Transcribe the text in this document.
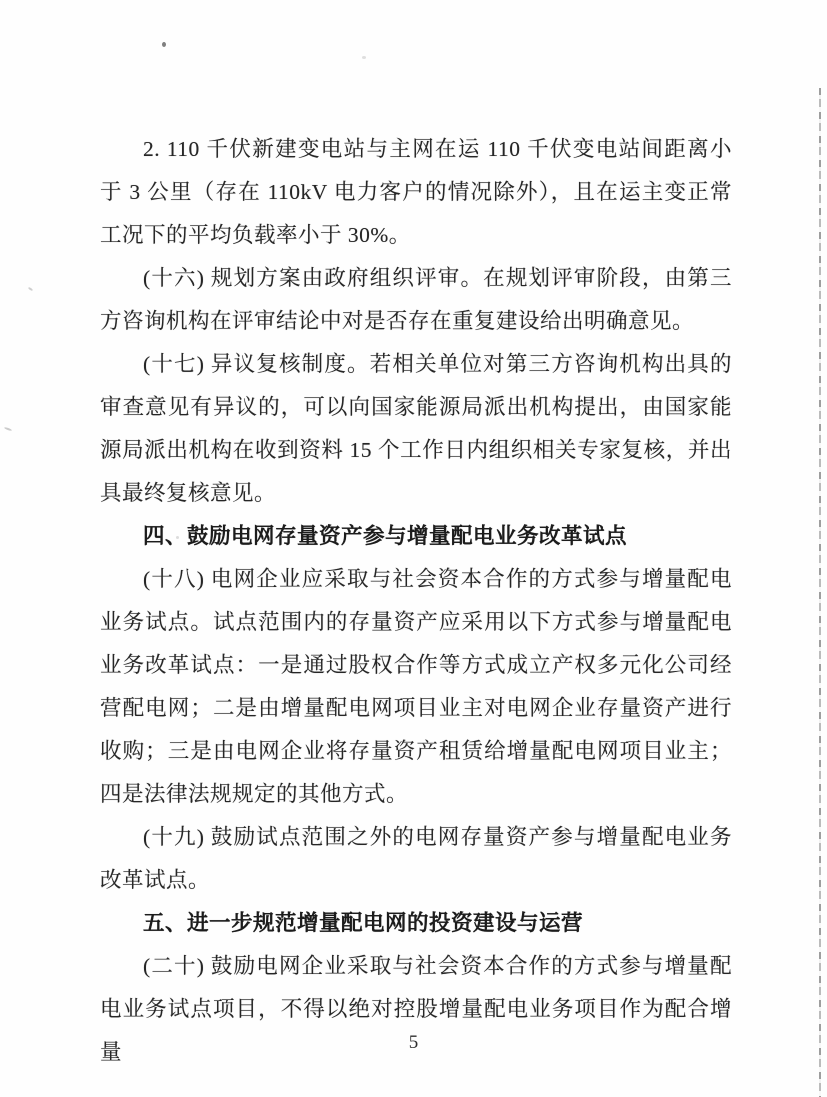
2. 110 千伏新建变电站与主网在运 110 千伏变电站间距离小于 3 公里（存在 110kV 电力客户的情况除外），且在运主变正常工况下的平均负载率小于 30%。

(十六) 规划方案由政府组织评审。在规划评审阶段，由第三方咨询机构在评审结论中对是否存在重复建设给出明确意见。

(十七) 异议复核制度。若相关单位对第三方咨询机构出具的审查意见有异议的，可以向国家能源局派出机构提出，由国家能源局派出机构在收到资料 15 个工作日内组织相关专家复核，并出具最终复核意见。

四、鼓励电网存量资产参与增量配电业务改革试点

(十八) 电网企业应采取与社会资本合作的方式参与增量配电业务试点。试点范围内的存量资产应采用以下方式参与增量配电业务改革试点：一是通过股权合作等方式成立产权多元化公司经营配电网；二是由增量配电网项目业主对电网企业存量资产进行收购；三是由电网企业将存量资产租赁给增量配电网项目业主；四是法律法规规定的其他方式。

(十九) 鼓励试点范围之外的电网存量资产参与增量配电业务改革试点。

五、进一步规范增量配电网的投资建设与运营

(二十) 鼓励电网企业采取与社会资本合作的方式参与增量配电业务试点项目，不得以绝对控股增量配电业务项目作为配合增量	5
